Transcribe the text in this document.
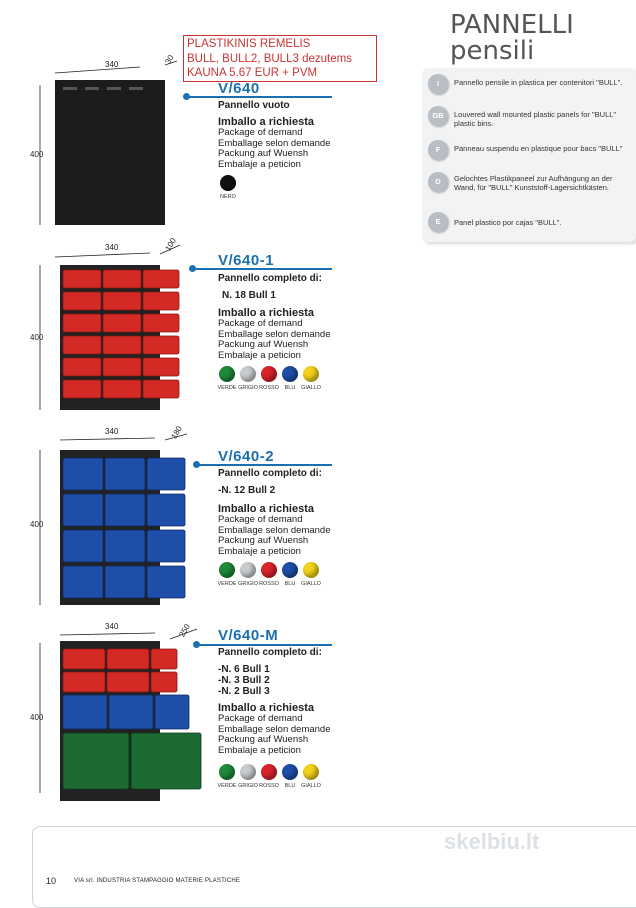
PLASTIKINIS REMELIS
BULL, BULL2, BULL3 dezutems
KAUNA 5.67 EUR + PVM
PANNELLI
pensili
I	Pannello pensile in plastica per contenitori "BULL".
GB	Louvered wall mounted plastic panels for "BULL" plastic bins.
F	Panneau suspendu en plastique pour bacs "BULL"
D	Gelochtes Plastikpaneel zur Aufhängung an der Wand, für "BULL" Kunststoff-Lagersichtkästen.
E	Panel plastico por cajas "BULL".
340	30
400
V/640
Pannello vuoto
Imballo a richiesta
Package of demand
Emballage selon demande
Packung auf Wuensh
Embalaje a peticion
NERO
340	100
400
V/640-1
Pannello completo di:
N. 18 Bull 1
Imballo a richiesta
Package of demand
Emballage selon demande
Packung auf Wuensh
Embalaje a peticion
VERDE GRIGIO ROSSO	BLU	GIALLO
340	180
400
V/640-2
Pannello completo di:
-N. 12 Bull 2
Imballo a richiesta
Package of demand
Emballage selon demande
Packung auf Wuensh
Embalaje a peticion
VERDE GRIGIO ROSSO	BLU	GIALLO
340	250
400
V/640-M
Pannello completo di:
-N. 6 Bull 1
-N. 3 Bull 2
-N. 2 Bull 3
Imballo a richiesta
Package of demand
Emballage selon demande
Packung auf Wuensh
Embalaje a peticion
VERDE GRIGIO ROSSO	BLU	GIALLO
skelbiu.lt
10	VIA srl. INDUSTRIA STAMPAGGIO MATERIE PLASTICHE
